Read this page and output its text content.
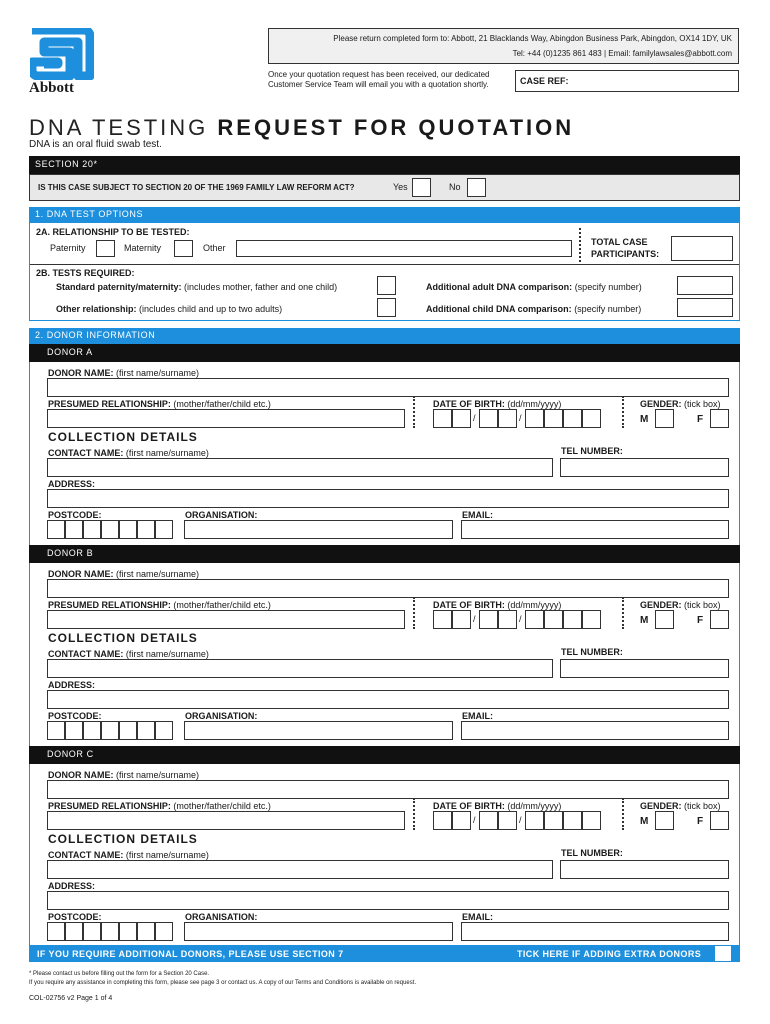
Abbott
Please return completed form to: Abbott, 21 Blacklands Way, Abingdon Business Park, Abingdon, OX14 1DY, UK
Tel: +44 (0)1235 861 483 | Email: familylawsales@abbott.com
Once your quotation request has been received, our dedicated
Customer Service Team will email you with a quotation shortly.	CASE REF:
DNA TESTING REQUEST FOR QUOTATION
DNA is an oral fluid swab test.
SECTION 20*
IS THIS CASE SUBJECT TO SECTION 20 OF THE 1969 FAMILY LAW REFORM ACT?	Yes	No
1. DNA TEST OPTIONS
2A. RELATIONSHIP TO BE TESTED:
Paternity	Maternity	Other
TOTAL CASE
PARTICIPANTS:
2B. TESTS REQUIRED:
Standard paternity/maternity: (includes mother, father and one child)
Other relationship: (includes child and up to two adults)
Additional adult DNA comparison: (specify number)
Additional child DNA comparison: (specify number)
2. DONOR INFORMATION
DONOR A
DONOR NAME: (first name/surname)
PRESUMED RELATIONSHIP: (mother/father/child etc.)	DATE OF BIRTH: (dd/mm/yyyy)
/	/
GENDER: (tick box)
M	F
COLLECTION DETAILS
CONTACT NAME: (first name/surname)	TEL NUMBER:
ADDRESS:
POSTCODE:	ORGANISATION:	EMAIL:
DONOR B
DONOR NAME: (first name/surname)
PRESUMED RELATIONSHIP: (mother/father/child etc.)	DATE OF BIRTH: (dd/mm/yyyy)
/	/
GENDER: (tick box)
M	F
COLLECTION DETAILS
CONTACT NAME: (first name/surname)	TEL NUMBER:
ADDRESS:
POSTCODE:	ORGANISATION:	EMAIL:
DONOR C
DONOR NAME: (first name/surname)
PRESUMED RELATIONSHIP: (mother/father/child etc.)	DATE OF BIRTH: (dd/mm/yyyy)
/	/
GENDER: (tick box)
M	F
COLLECTION DETAILS
CONTACT NAME: (first name/surname)	TEL NUMBER:
ADDRESS:
POSTCODE:	ORGANISATION:	EMAIL:
IF YOU REQUIRE ADDITIONAL DONORS, PLEASE USE SECTION 7	TICK HERE IF ADDING EXTRA DONORS
* Please contact us before filling out the form for a Section 20 Case.
If you require any assistance in completing this form, please see page 3 or contact us. A copy of our Terms and Conditions is available on request.
COL-02756 v2 Page 1 of 4
